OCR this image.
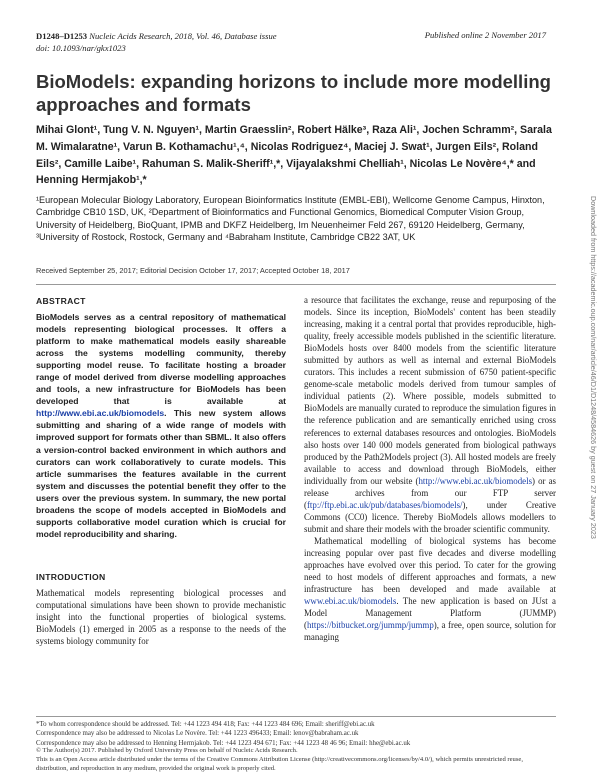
D1248–D1253 Nucleic Acids Research, 2018, Vol. 46, Database issue
doi: 10.1093/nar/gkx1023
Published online 2 November 2017
BioModels: expanding horizons to include more modelling approaches and formats
Mihai Glont¹, Tung V. N. Nguyen¹, Martin Graesslin², Robert Hälke³, Raza Ali¹, Jochen Schramm², Sarala M. Wimalaratne¹, Varun B. Kothamachu¹,⁴, Nicolas Rodriguez⁴, Maciej J. Swat¹, Jurgen Eils², Roland Eils², Camille Laibe¹, Rahuman S. Malik-Sheriff¹,*, Vijayalakshmi Chelliah¹, Nicolas Le Novère⁴,* and Henning Hermjakob¹,*
¹European Molecular Biology Laboratory, European Bioinformatics Institute (EMBL-EBI), Wellcome Genome Campus, Hinxton, Cambridge CB10 1SD, UK, ²Department of Bioinformatics and Functional Genomics, Biomedical Computer Vision Group, University of Heidelberg, BioQuant, IPMB and DKFZ Heidelberg, Im Neuenheimer Feld 267, 69120 Heidelberg, Germany, ³University of Rostock, Rostock, Germany and ⁴Babraham Institute, Cambridge CB22 3AT, UK
Received September 25, 2017; Editorial Decision October 17, 2017; Accepted October 18, 2017
ABSTRACT

BioModels serves as a central repository of mathematical models representing biological processes. It offers a platform to make mathematical models easily shareable across the systems modelling community, thereby supporting model reuse. To facilitate hosting a broader range of model derived from diverse modelling approaches and tools, a new infrastructure for BioModels has been developed that is available at http://www.ebi.ac.uk/biomodels. This new system allows submitting and sharing of a wide range of models with improved support for formats other than SBML. It also offers a version-control backed environment in which authors and curators can work collaboratively to curate models. This article summarises the features available in the current system and discusses the potential benefit they offer to the users over the previous system. In summary, the new portal broadens the scope of models accepted in BioModels and supports collaborative model curation which is crucial for model reproducibility and sharing.

INTRODUCTION

Mathematical models representing biological processes and computational simulations have been shown to provide mechanistic insight into the functional properties of biological systems. BioModels (1) emerged in 2005 as a response to the needs of the systems biology community for

a resource that facilitates the exchange, reuse and repurposing of the models. Since its inception, BioModels' content has been steadily increasing, making it a central portal that provides reproducible, high-quality, freely accessible models published in the scientific literature. BioModels hosts over 8400 models from the scientific literature submitted by authors as well as internal and external BioModels curators. This includes a recent submission of 6750 patient-specific genome-scale metabolic models derived from tumour samples of individual patients (2). Where possible, models submitted to BioModels are manually curated to reproduce the simulation figures in the reference publication and are semantically enriched using cross references to external databases resources and ontologies. BioModels also hosts over 140 000 models generated from biological pathways produced by the Path2Models project (3). All hosted models are freely available to access and download through BioModels, either individually from our website (http://www.ebi.ac.uk/biomodels) or as release archives from our FTP server (ftp://ftp.ebi.ac.uk/pub/databases/biomodels/), under Creative Commons (CC0) licence. Thereby BioModels allows modellers to submit and share their models with the broader scientific community.

Mathematical modelling of biological systems has become increasing popular over past five decades and diverse modelling approaches have evolved over this period. To cater for the growing need to host models of different approaches and formats, a new infrastructure has been developed and made available at www.ebi.ac.uk/biomodels. The new application is based on JUst a Model Management Platform (JUMMP) (https://bitbucket.org/jummp/jummp), a free, open source, solution for managing

*To whom correspondence should be addressed. Tel: +44 1223 494 418; Fax: +44 1223 484 696; Email: sheriff@ebi.ac.uk
Correspondence may also be addressed to Nicolas Le Novère. Tel: +44 1223 496433; Email: lenov@babraham.ac.uk
Correspondence may also be addressed to Henning Hermjakob. Tel: +44 1223 494 671; Fax: +44 1223 48 46 96; Email: hhe@ebi.ac.uk
© The Author(s) 2017. Published by Oxford University Press on behalf of Nucleic Acids Research.
This is an Open Access article distributed under the terms of the Creative Commons Attribution License (http://creativecommons.org/licenses/by/4.0/), which permits unrestricted reuse, distribution, and reproduction in any medium, provided the original work is properly cited.
Downloaded from https://academic.oup.com/nar/article/46/D1/D1248/4584626 by guest on 27 January 2023
